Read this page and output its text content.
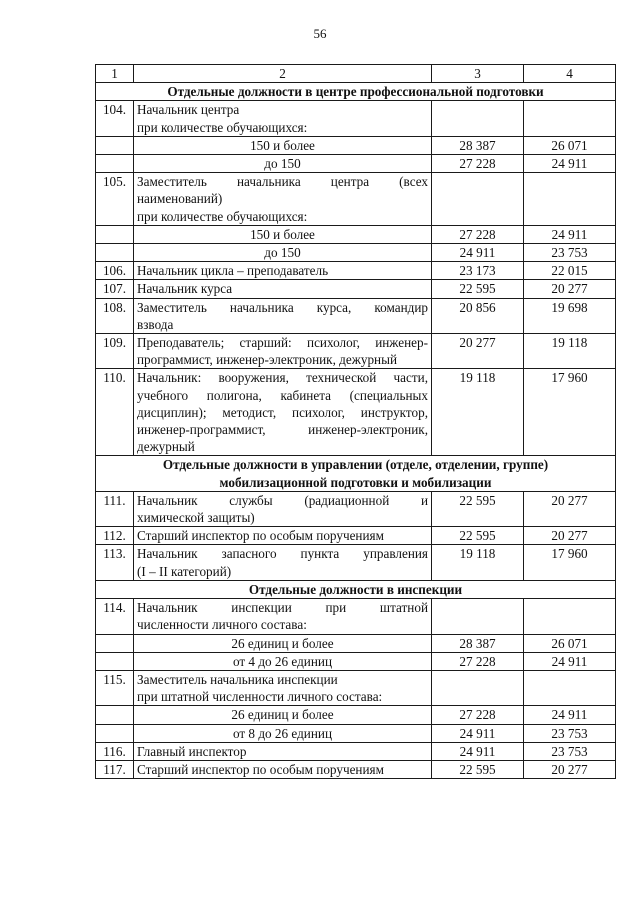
56
1	2	3	4

Отдельные должности в центре профессиональной подготовки			

104.	Начальник центра
при количестве обучающихся:		

	150 и более	28 387	26 071
	до 150	27 228	24 911
105.	Заместитель начальника центра (всех
наименований)
при количестве обучающихся:		

	150 и более	27 228	24 911
	до 150	24 911	23 753
106.	Начальник цикла – преподаватель	23 173	22 015
107.	Начальник курса	22 595	20 277
108.	Заместитель начальника курса, командир
взвода	20 856	19 698
109.	Преподаватель; старший: психолог, инженер-
программист, инженер-электроник, дежурный	20 277	19 118
110.	Начальник: вооружения, технической части,
учебного полигона, кабинета (специальных
дисциплин); методист, психолог, инструктор,
инженер-программист, инженер-электроник,
дежурный	19 118	17 960

Отдельные должности в управлении (отделе, отделении, группе)
мобилизационной подготовки и мобилизации			

111.	Начальник службы (радиационной и
химической защиты)	22 595	20 277
112.	Старший инспектор по особым поручениям	22 595	20 277
113.	Начальник запасного пункта управления
(I – II категорий)	19 118	17 960

Отдельные должности в инспекции			

114.	Начальник инспекции при штатной
численности личного состава:		

	26 единиц и более	28 387	26 071
	от 4 до 26 единиц	27 228	24 911
115.	Заместитель начальника инспекции
при штатной численности личного состава:		

	26 единиц и более	27 228	24 911
	от 8 до 26 единиц	24 911	23 753
116.	Главный инспектор	24 911	23 753
117.	Старший инспектор по особым поручениям	22 595	20 277
